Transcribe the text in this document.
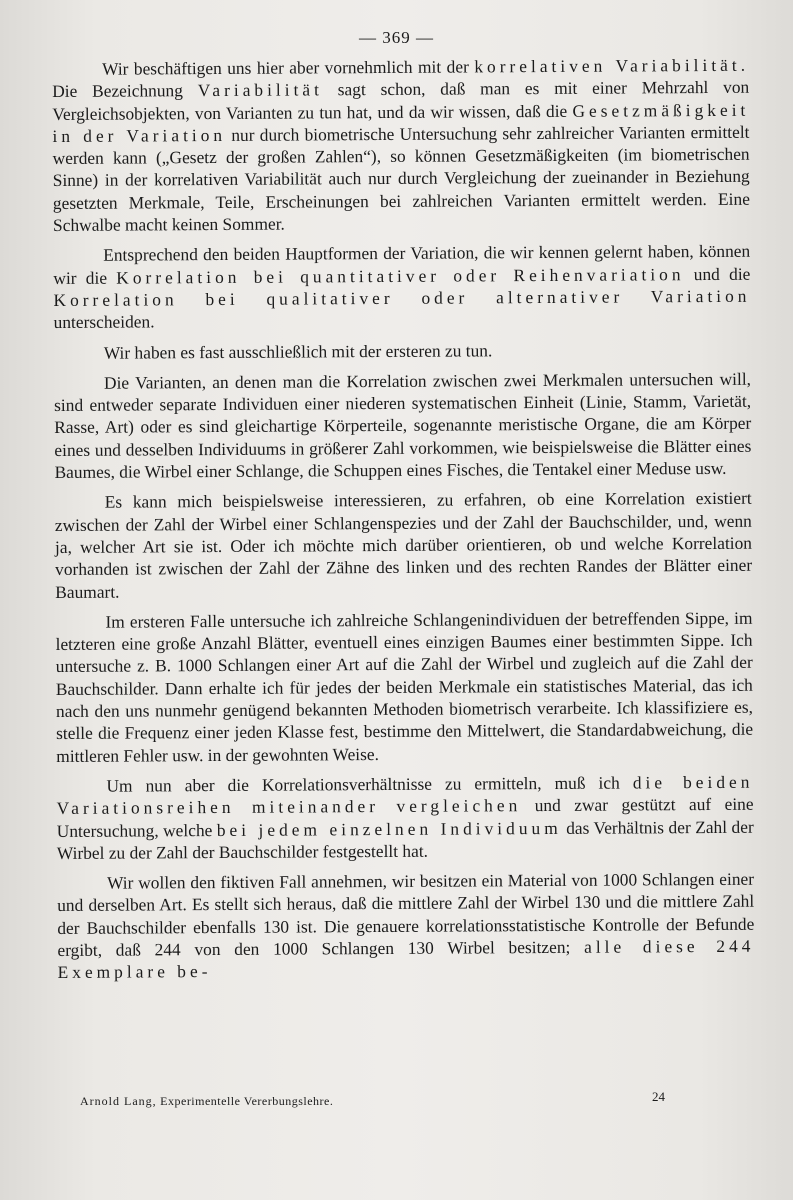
— 369 —

Wir beschäftigen uns hier aber vornehmlich mit der korrelativen Variabilität. Die Bezeichnung Variabilität sagt schon, daß man es mit einer Mehrzahl von Vergleichsobjekten, von Varianten zu tun hat, und da wir wissen, daß die Gesetzmäßigkeit in der Variation nur durch biometrische Untersuchung sehr zahlreicher Varianten ermittelt werden kann („Gesetz der großen Zahlen“), so können Gesetzmäßigkeiten (im biometrischen Sinne) in der korrelativen Variabilität auch nur durch Vergleichung der zueinander in Beziehung gesetzten Merkmale, Teile, Erscheinungen bei zahlreichen Varianten ermittelt werden. Eine Schwalbe macht keinen Sommer.

Entsprechend den beiden Hauptformen der Variation, die wir kennen gelernt haben, können wir die Korrelation bei quantitativer oder Reihenvariation und die Korrelation bei qualitativer oder alternativer Variation unterscheiden.

Wir haben es fast ausschließlich mit der ersteren zu tun.

Die Varianten, an denen man die Korrelation zwischen zwei Merkmalen untersuchen will, sind entweder separate Individuen einer niederen systematischen Einheit (Linie, Stamm, Varietät, Rasse, Art) oder es sind gleichartige Körperteile, sogenannte meristische Organe, die am Körper eines und desselben Individuums in größerer Zahl vorkommen, wie beispielsweise die Blätter eines Baumes, die Wirbel einer Schlange, die Schuppen eines Fisches, die Tentakel einer Meduse usw.

Es kann mich beispielsweise interessieren, zu erfahren, ob eine Korrelation existiert zwischen der Zahl der Wirbel einer Schlangenspezies und der Zahl der Bauchschilder, und, wenn ja, welcher Art sie ist. Oder ich möchte mich darüber orientieren, ob und welche Korrelation vorhanden ist zwischen der Zahl der Zähne des linken und des rechten Randes der Blätter einer Baumart.

Im ersteren Falle untersuche ich zahlreiche Schlangenindividuen der betreffenden Sippe, im letzteren eine große Anzahl Blätter, eventuell eines einzigen Baumes einer bestimmten Sippe. Ich untersuche z. B. 1000 Schlangen einer Art auf die Zahl der Wirbel und zugleich auf die Zahl der Bauchschilder. Dann erhalte ich für jedes der beiden Merkmale ein statistisches Material, das ich nach den uns nunmehr genügend bekannten Methoden biometrisch verarbeite. Ich klassifiziere es, stelle die Frequenz einer jeden Klasse fest, bestimme den Mittelwert, die Standardabweichung, die mittleren Fehler usw. in der gewohnten Weise.

Um nun aber die Korrelationsverhältnisse zu ermitteln, muß ich die beiden Variationsreihen miteinander vergleichen und zwar gestützt auf eine Untersuchung, welche bei jedem einzelnen Individuum das Verhältnis der Zahl der Wirbel zu der Zahl der Bauchschilder festgestellt hat.

Wir wollen den fiktiven Fall annehmen, wir besitzen ein Material von 1000 Schlangen einer und derselben Art. Es stellt sich heraus, daß die mittlere Zahl der Wirbel 130 und die mittlere Zahl der Bauchschilder ebenfalls 130 ist. Die genauere korrelationsstatistische Kontrolle der Befunde ergibt, daß 244 von den 1000 Schlangen 130 Wirbel besitzen; alle diese 244 Exemplare be-

Arnold Lang, Experimentelle Vererbungslehre.	24
